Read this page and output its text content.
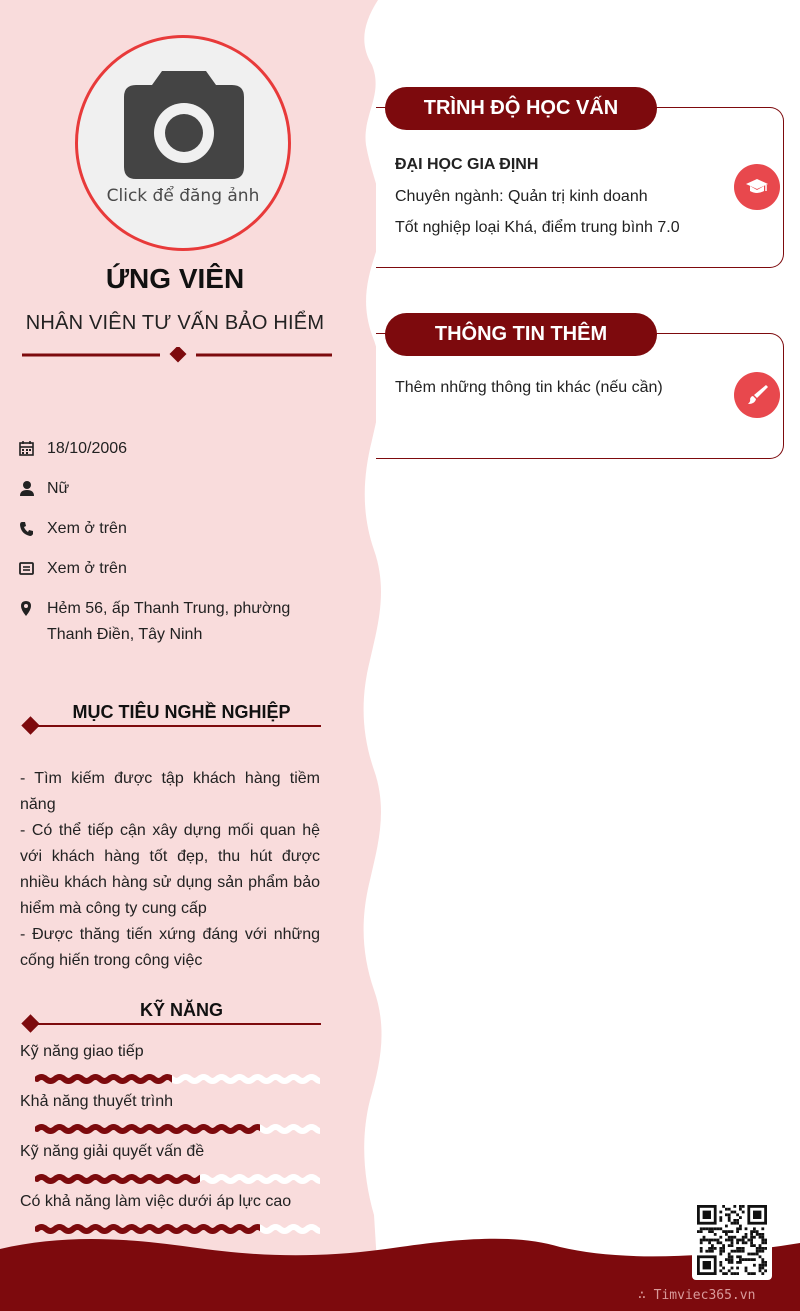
Click để đăng ảnh
ỨNG VIÊN
NHÂN VIÊN TƯ VẤN BẢO HIỂM
18/10/2006
Nữ
Xem ở trên
Xem ở trên
Hẻm 56, ấp Thanh Trung, phường Thanh Điền, Tây Ninh
MỤC TIÊU NGHỀ NGHIỆP

- Tìm kiếm được tập khách hàng tiềm năng

- Có thể tiếp cận xây dựng mối quan hệ với khách hàng tốt đẹp, thu hút được nhiều khách hàng sử dụng sản phẩm bảo hiểm mà công ty cung cấp

- Được thăng tiến xứng đáng với những cống hiến trong công việc

KỸ NĂNG
Kỹ năng giao tiếp
Khả năng thuyết trình
Kỹ năng giải quyết vấn đề
Có khả năng làm việc dưới áp lực cao
TRÌNH ĐỘ HỌC VẤN
ĐẠI HỌC GIA ĐỊNH
Chuyên ngành: Quản trị kinh doanh
Tốt nghiệp loại Khá, điểm trung bình 7.0
THÔNG TIN THÊM
Thêm những thông tin khác (nếu cần)
∴ Timviec365.vn
